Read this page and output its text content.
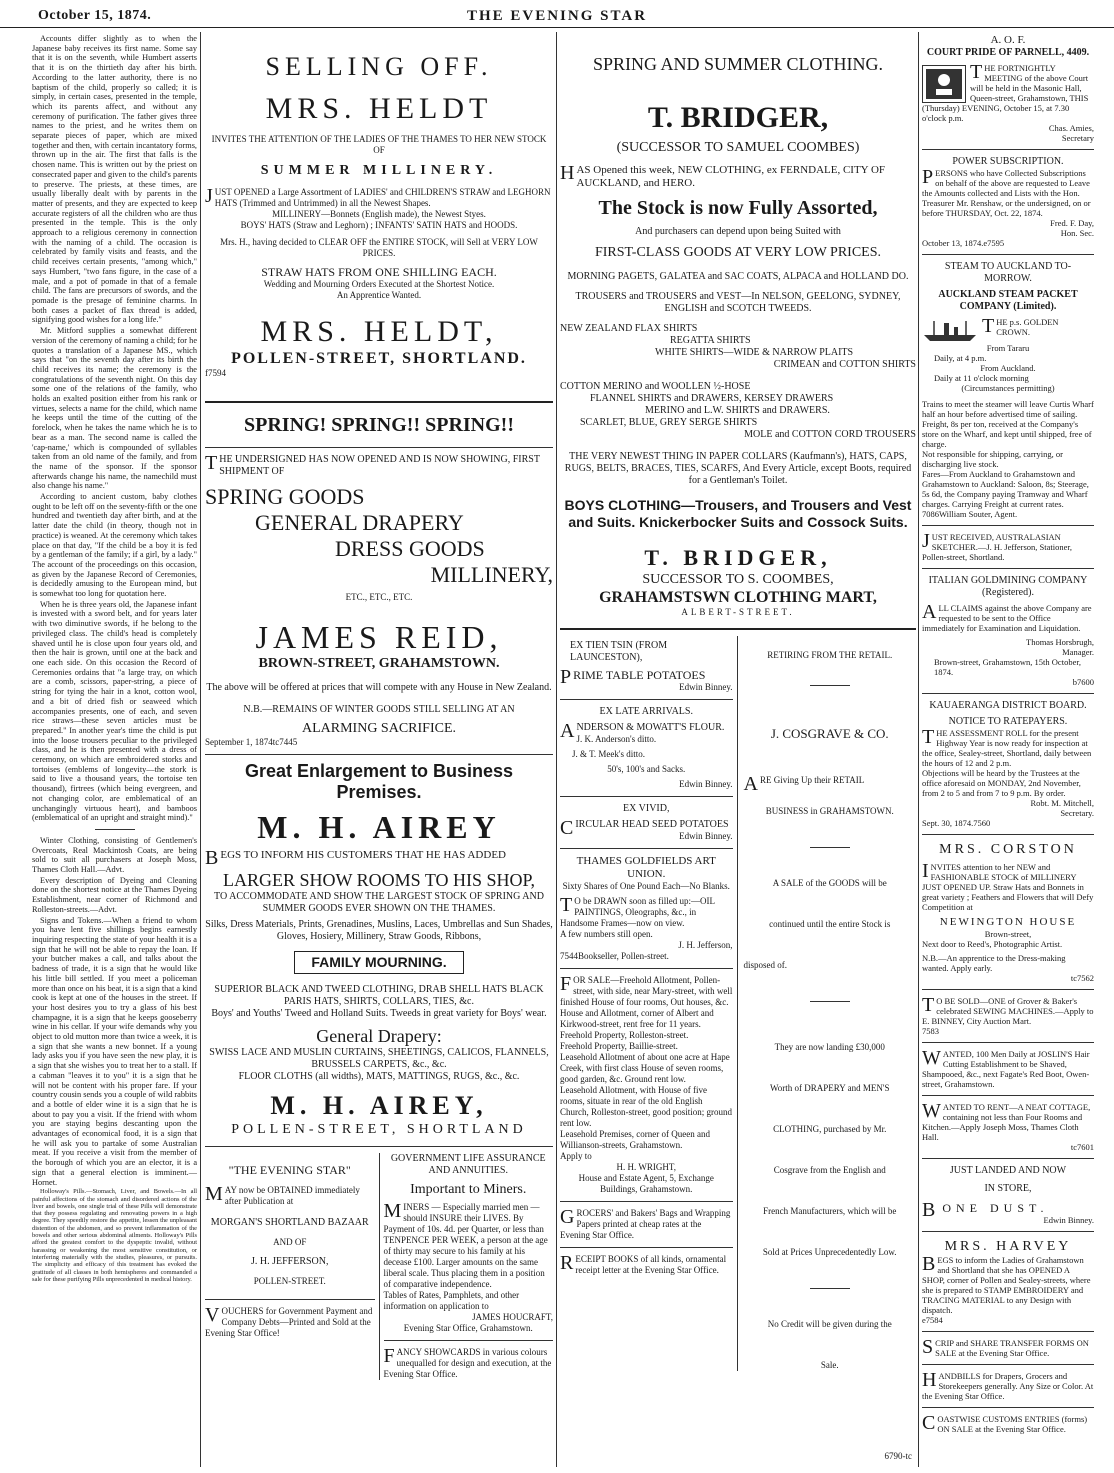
October 15, 1874.	THE EVENING STAR

Accounts differ slightly as to when the Japanese baby receives its first name. Some say that it is on the seventh, while Humbert asserts that it is on the thirtieth day after his birth. According to the latter authority, there is no baptism of the child, properly so called; it is simply, in certain cases, presented in the temple, which its parents affect, and without any ceremony of purification. The father gives three names to the priest, and he writes them on separate pieces of paper, which are mixed together and then, with certain incantatory forms, thrown up in the air. The first that falls is the chosen name. This is written out by the priest on consecrated paper and given to the child's parents to preserve. The priests, at these times, are usually liberally dealt with by parents in the matter of presents, and they are expected to keep accurate registers of all the children who are thus presented in the temple. This is the only approach to a religious ceremony in connection with the naming of a child. The occasion is celebrated by family visits and feasts, and the child receives certain presents, "among which," says Humbert, "two fans figure, in the case of a male, and a pot of pomade in that of a female child. The fans are precursors of swords, and the pomade is the presage of feminine charms. In both cases a packet of flax thread is added, signifying good wishes for a long life."

Mr. Mitford supplies a somewhat different version of the ceremony of naming a child; for he quotes a translation of a Japanese MS., which says that "on the seventh day after its birth the child receives its name; the ceremony is the congratulations of the seventh night. On this day some one of the relations of the family, who holds an exalted position either from his rank or virtues, selects a name for the child, which name he keeps until the time of the cutting of the forelock, when he takes the name which he is to bear as a man. The second name is called the 'cap-name,' which is compounded of syllables taken from an old name of the family, and from the name of the sponsor. If the sponsor afterwards change his name, the namechild must also change his name."

According to ancient custom, baby clothes ought to be left off on the seventy-fifth or the one hundred and twentieth day after birth, and at the latter date the child (in theory, though not in practice) is weaned. At the ceremony which takes place on that day, "If the child be a boy it is fed by a gentleman of the family; if a girl, by a lady." The account of the proceedings on this occasion, as given by the Japanese Record of Ceremonies, is decidedly amusing to the European mind, but is somewhat too long for quotation here.

When he is three years old, the Japanese infant is invested with a sword belt, and for years later with two diminutive swords, if he belong to the privileged class. The child's head is completely shaved until he is close upon four years old, and then the hair is grown, until one at the back and one each side. On this occasion the Record of Ceremonies ordains that "a large tray, on which are a comb, scissors, paper-string, a piece of string for tying the hair in a knot, cotton wool, and a bit of dried fish or seaweed which accompanies presents, one of each, and seven rice straws—these seven articles must be prepared." In another year's time the child is put into the loose trousers peculiar to the privileged class, and he is then presented with a dress of ceremony, on which are embroidered storks and tortoises (emblems of longevity—the stork is said to live a thousand years, the tortoise ten thousand), firtrees (which being evergreen, and not changing color, are emblematical of an unchangingly virtuous heart), and bamboos (emblematical of an upright and straight mind)."

Winter Clothing, consisting of Gentlemen's Overcoats, Real Mackintosh Coats, are being sold to suit all purchasers at Joseph Moss, Thames Cloth Hall.—Advt.

Every description of Dyeing and Cleaning done on the shortest notice at the Thames Dyeing Establishment, near corner of Richmond and Rolleston-streets.—Advt.

Signs and Tokens.—When a friend to whom you have lent five shillings begins earnestly inquiring respecting the state of your health it is a sign that he will not be able to repay the loan. If your butcher makes a call, and talks about the badness of trade, it is a sign that he would like his little bill settled. If you meet a policeman more than once on his beat, it is a sign that a kind cook is kept at one of the houses in the street. If your host desires you to try a glass of his best champagne, it is a sign that he keeps gooseberry wine in his cellar. If your wife demands why you object to old mutton more than twice a week, it is a sign that she wants a new bonnet. If a young lady asks you if you have seen the new play, it is a sign that she wishes you to treat her to a stall. If a cabman "leaves it to you" it is a sign that he will not be content with his proper fare. If your country cousin sends you a couple of wild rabbits and a bottle of elder wine it is a sign that he is about to pay you a visit. If the friend with whom you are staying begins descanting upon the advantages of economical food, it is a sign that he will ask you to partake of some Australian meat. If you receive a visit from the member of the borough of which you are an elector, it is a sign that a general election is imminent.—Hornet.

Holloway's Pills.—Stomach, Liver, and Bowels.—In all painful affections of the stomach and disordered actions of the liver and bowels, one single trial of these Pills will demonstrate that they possess regulating and renovating powers in a high degree. They speedily restore the appetite, lessen the unpleasant distention of the abdomen, and so prevent inflammation of the bowels and other serious abdominal ailments. Holloway's Pills afford the greatest comfort to the dyspeptic invalid, without harassing or weakening the most sensitive constitution, or interfering materially with the studies, pleasures, or pursuits. The simplicity and efficacy of this treatment has evoked the gratitude of all classes in both hemispheres and commanded a sale for these purifying Pills unprecedented in medical history.

SELLING OFF.
MRS. HELDT
INVITES THE ATTENTION OF THE LADIES OF THE THAMES TO HER NEW STOCK OF
SUMMER MILLINERY.
JUST OPENED a Large Assortment of LADIES' and CHILDREN'S STRAW and LEGHORN HATS (Trimmed and Untrimmed) in all the Newest Shapes.
MILLINERY—Bonnets (English made), the Newest Styes.
BOYS' HATS (Straw and Leghorn) ; INFANTS' SATIN HATS and HOODS.
Mrs. H., having decided to CLEAR OFF the ENTIRE STOCK, will Sell at VERY LOW PRICES.
STRAW HATS FROM ONE SHILLING EACH.
Wedding and Mourning Orders Executed at the Shortest Notice.
An Apprentice Wanted.
MRS. HELDT,
POLLEN-STREET, SHORTLAND.
f7594
SPRING! SPRING!! SPRING!!
THE UNDERSIGNED HAS NOW OPENED AND IS NOW SHOWING, FIRST SHIPMENT OF
SPRING GOODS
GENERAL DRAPERY
DRESS GOODS
MILLINERY,
ETC., ETC., ETC.
JAMES REID,
BROWN-STREET, GRAHAMSTOWN.
The above will be offered at prices that will compete with any House in New Zealand.
N.B.—REMAINS OF WINTER GOODS STILL SELLING AT AN
ALARMING SACRIFICE.
September 1, 1874 tc7445
Great Enlargement to Business Premises.
M. H. AIREY
BEGS TO INFORM HIS CUSTOMERS THAT HE HAS ADDED
LARGER SHOW ROOMS TO HIS SHOP,
TO ACCOMMODATE AND SHOW THE LARGEST STOCK OF SPRING AND SUMMER GOODS EVER SHOWN ON THE THAMES.
Silks, Dress Materials, Prints, Grenadines, Muslins, Laces, Umbrellas and Sun Shades, Gloves, Hosiery, Millinery, Straw Goods, Ribbons,
FAMILY MOURNING.
SUPERIOR BLACK AND TWEED CLOTHING, DRAB SHELL HATS BLACK PARIS HATS, SHIRTS, COLLARS, TIES, &c.
Boys' and Youths' Tweed and Holland Suits. Tweeds in great variety for Boys' wear.
General Drapery:
SWISS LACE AND MUSLIN CURTAINS, SHEETINGS, CALICOS, FLANNELS, BRUSSELS CARPETS, &c., &c.
FLOOR CLOTHS (all widths), MATS, MATTINGS, RUGS, &c., &c.
M. H. AIREY,
POLLEN-STREET, SHORTLAND
"THE EVENING STAR"
MAY now be OBTAINED immediately after Publication at
MORGAN'S SHORTLAND BAZAAR
AND OF
J. H. JEFFERSON,
POLLEN-STREET.
VOUCHERS for Government Payment and Company Debts—Printed and Sold at the Evening Star Office!
GOVERNMENT LIFE ASSURANCE AND ANNUITIES.
Important to Miners.
MINERS — Especially married men — should INSURE their LIVES. By Payment of 10s. 4d. per Quarter, or less than TENPENCE PER WEEK, a person at the age of thirty may secure to his family at his decease £100. Larger amounts on the same liberal scale. Thus placing them in a position of comparative independence.
Tables of Rates, Pamphlets, and other information on application to
JAMES HOUCRAFT,
Evening Star Office, Grahamstown.
FANCY SHOWCARDS in various colours unequalled for design and execution, at the Evening Star Office.
SPRING AND SUMMER CLOTHING.
T. BRIDGER,
(SUCCESSOR TO SAMUEL COOMBES)
HAS Opened this week, NEW CLOTHING, ex FERNDALE, CITY OF AUCKLAND, and HERO.
The Stock is now Fully Assorted,
And purchasers can depend upon being Suited with
FIRST-CLASS GOODS AT VERY LOW PRICES.
MORNING PAGETS, GALATEA and SAC COATS, ALPACA and HOLLAND DO.
TROUSERS and TROUSERS and VEST—In NELSON, GEELONG, SYDNEY, ENGLISH and SCOTCH TWEEDS.
NEW ZEALAND FLAX SHIRTS
REGATTA SHIRTS
WHITE SHIRTS—WIDE & NARROW PLAITS
CRIMEAN and COTTON SHIRTS
COTTON MERINO and WOOLLEN ½-HOSE
FLANNEL SHIRTS and DRAWERS, KERSEY DRAWERS
MERINO and L.W. SHIRTS and DRAWERS.
SCARLET, BLUE, GREY SERGE SHIRTS
MOLE and COTTON CORD TROUSERS
THE VERY NEWEST THING IN PAPER COLLARS (Kaufmann's), HATS, CAPS, RUGS, BELTS, BRACES, TIES, SCARFS, And Every Article, except Boots, required for a Gentleman's Toilet.
BOYS CLOTHING—Trousers, and Trousers and Vest and Suits. Knickerbocker Suits and Cossock Suits.
T. BRIDGER,
SUCCESSOR TO S. COOMBES,
GRAHAMSTSWN CLOTHING MART,
ALBERT-STREET.
EX TIEN TSIN (FROM LAUNCESTON),
PRIME TABLE POTATOES
Edwin Binney.
EX LATE ARRIVALS.
ANDERSON & MOWATT'S FLOUR.
J. K. Anderson's ditto.
J. & T. Meek's ditto.
50's, 100's and Sacks.
Edwin Binney.
EX VIVID,
CIRCULAR HEAD SEED POTATOES
Edwin Binney.
THAMES GOLDFIELDS ART UNION.
Sixty Shares of One Pound Each—No Blanks.
T O be DRAWN soon as filled up:—OIL PAINTINGS, Oleographs, &c., in Handsome Frames—now on view.
A few numbers still open.
J. H. Jefferson,
7544 Bookseller, Pollen-street.
FOR SALE—Freehold Allotment, Pollen-street, with side, near Mary-street, with well finished House of four rooms, Out houses, &c.
House and Allotment, corner of Albert and Kirkwood-street, rent free for 11 years.
Freehold Property, Rolleston-street.
Freehold Property, Baillie-street.
Leasehold Allotment of about one acre at Hape Creek, with first class House of seven rooms, good garden, &c. Ground rent low.
Leasehold Allotment, with House of five rooms, situate in rear of the old English Church, Rolleston-street, good position; ground rent low.
Leasehold Premises, corner of Queen and Willianson-streets, Grahamstown.
Apply to
H. H. WRIGHT,
House and Estate Agent, 5, Exchange Buildings, Grahamstown.
GROCERS' and Bakers' Bags and Wrapping Papers printed at cheap rates at the Evening Star Office.
RECEIPT BOOKS of all kinds, ornamental receipt letter at the Evening Star Office.
RETIRING FROM THE RETAIL.
J. COSGRAVE & CO.
ARE Giving Up their RETAIL
BUSINESS in GRAHAMSTOWN.
A SALE of the GOODS will be
continued until the entire Stock is
disposed of.
They are now landing £30,000
Worth of DRAPERY and MEN'S
CLOTHING, purchased by Mr.
Cosgrave from the English and
French Manufacturers, which will be
Sold at Prices Unprecedentedly Low.
No Credit will be given during the
Sale.
6790-tc
A. O. F.
COURT PRIDE OF PARNELL, 4409.
THE FORTNIGHTLY MEETING of the above Court will be held in the Masonic Hall, Queen-street, Grahamstown, THIS (Thursday) EVENING, October 15, at 7.30 o'clock p.m.
Chas. Amies,
Secretary
POWER SUBSCRIPTION.
PERSONS who have Collected Subscriptions on behalf of the above are requested to Leave the Amounts collected and Lists with the Hon. Treasurer Mr. Renshaw, or the undersigned, on or before THURSDAY, Oct. 22, 1874.
Fred. F. Day,
Hon. Sec.
October 13, 1874. e7595
STEAM TO AUCKLAND TO-MORROW.
AUCKLAND STEAM PACKET COMPANY (Limited).
THE p.s. GOLDEN CROWN.
From Tararu
Daily, at 4 p.m.
From Auckland.
Daily at 11 o'clock morning
(Circumstances permitting)
Trains to meet the steamer will leave Curtis Wharf half an hour before advertised time of sailing.
Freight, 8s per ton, received at the Company's store on the Wharf, and kept until shipped, free of charge.
Not responsible for shipping, carrying, or discharging live stock.
Fares—From Auckland to Grahamstown and Grahamstown to Auckland: Saloon, 8s; Steerage, 5s 6d, the Company paying Tramway and Wharf charges. Carrying Freight at current rates.
7086 William Souter, Agent.
JUST RECEIVED, AUSTRALASIAN SKETCHER.—J. H. Jefferson, Stationer, Pollen-street, Shortland.
ITALIAN GOLDMINING COMPANY (Registered).
ALL CLAIMS against the above Company are requested to be sent to the Office immediately for Examination and Liquidation.
Thomas Horsbrugh,
Manager.
Brown-street, Grahamstown, 15th October, 1874.
b7600
KAUAERANGA DISTRICT BOARD.
NOTICE TO RATEPAYERS.
THE ASSESSMENT ROLL for the present Highway Year is now ready for inspection at the office, Sealey-street, Shortland, daily between the hours of 12 and 2 p.m.
Objections will be heard by the Trustees at the office aforesaid on MONDAY, 2nd November, from 2 to 5 and from 7 to 9 p.m. By order.
Robt. M. Mitchell,
Secretary.
Sept. 30, 1874. 7560
MRS. CORSTON
INVITES attention to her NEW and FASHIONABLE STOCK of MILLINERY JUST OPENED UP. Straw Hats and Bonnets in great variety ; Feathers and Flowers that will Defy Competition at
NEWINGTON HOUSE
Brown-street,
Next door to Reed's, Photographic Artist.
N.B.—An apprentice to the Dress-making wanted. Apply early.
tc7562
T O BE SOLD—ONE of Grover & Baker's celebrated SEWING MACHINES.—Apply to E. BINNEY, City Auction Mart.
7583
WANTED, 100 Men Daily at JOSLIN'S Hair Cutting Establishment to be Shaved, Shampooed, &c., next Fagate's Red Boot, Owen-street, Grahamstown.
WANTED TO RENT—A NEAT COTTAGE, containing not less than Four Rooms and Kitchen.—Apply Joseph Moss, Thames Cloth Hall.
tc7601
JUST LANDED AND NOW
IN STORE,
BONE DUST.
Edwin Binney.
MRS. HARVEY
BEGS to inform the Ladies of Grahamstown and Shortland that she has OPENED A SHOP, corner of Pollen and Sealey-streets, where she is prepared to STAMP EMBROIDERY and TRACING MATERIAL to any Design with dispatch.
e7584
SCRIP and SHARE TRANSFER FORMS ON SALE at the Evening Star Office.
HANDBILLS for Drapers, Grocers and Storekeepers generally. Any Size or Color. At the Evening Star Office.
COASTWISE CUSTOMS ENTRIES (forms) ON SALE at the Evening Star Office.
